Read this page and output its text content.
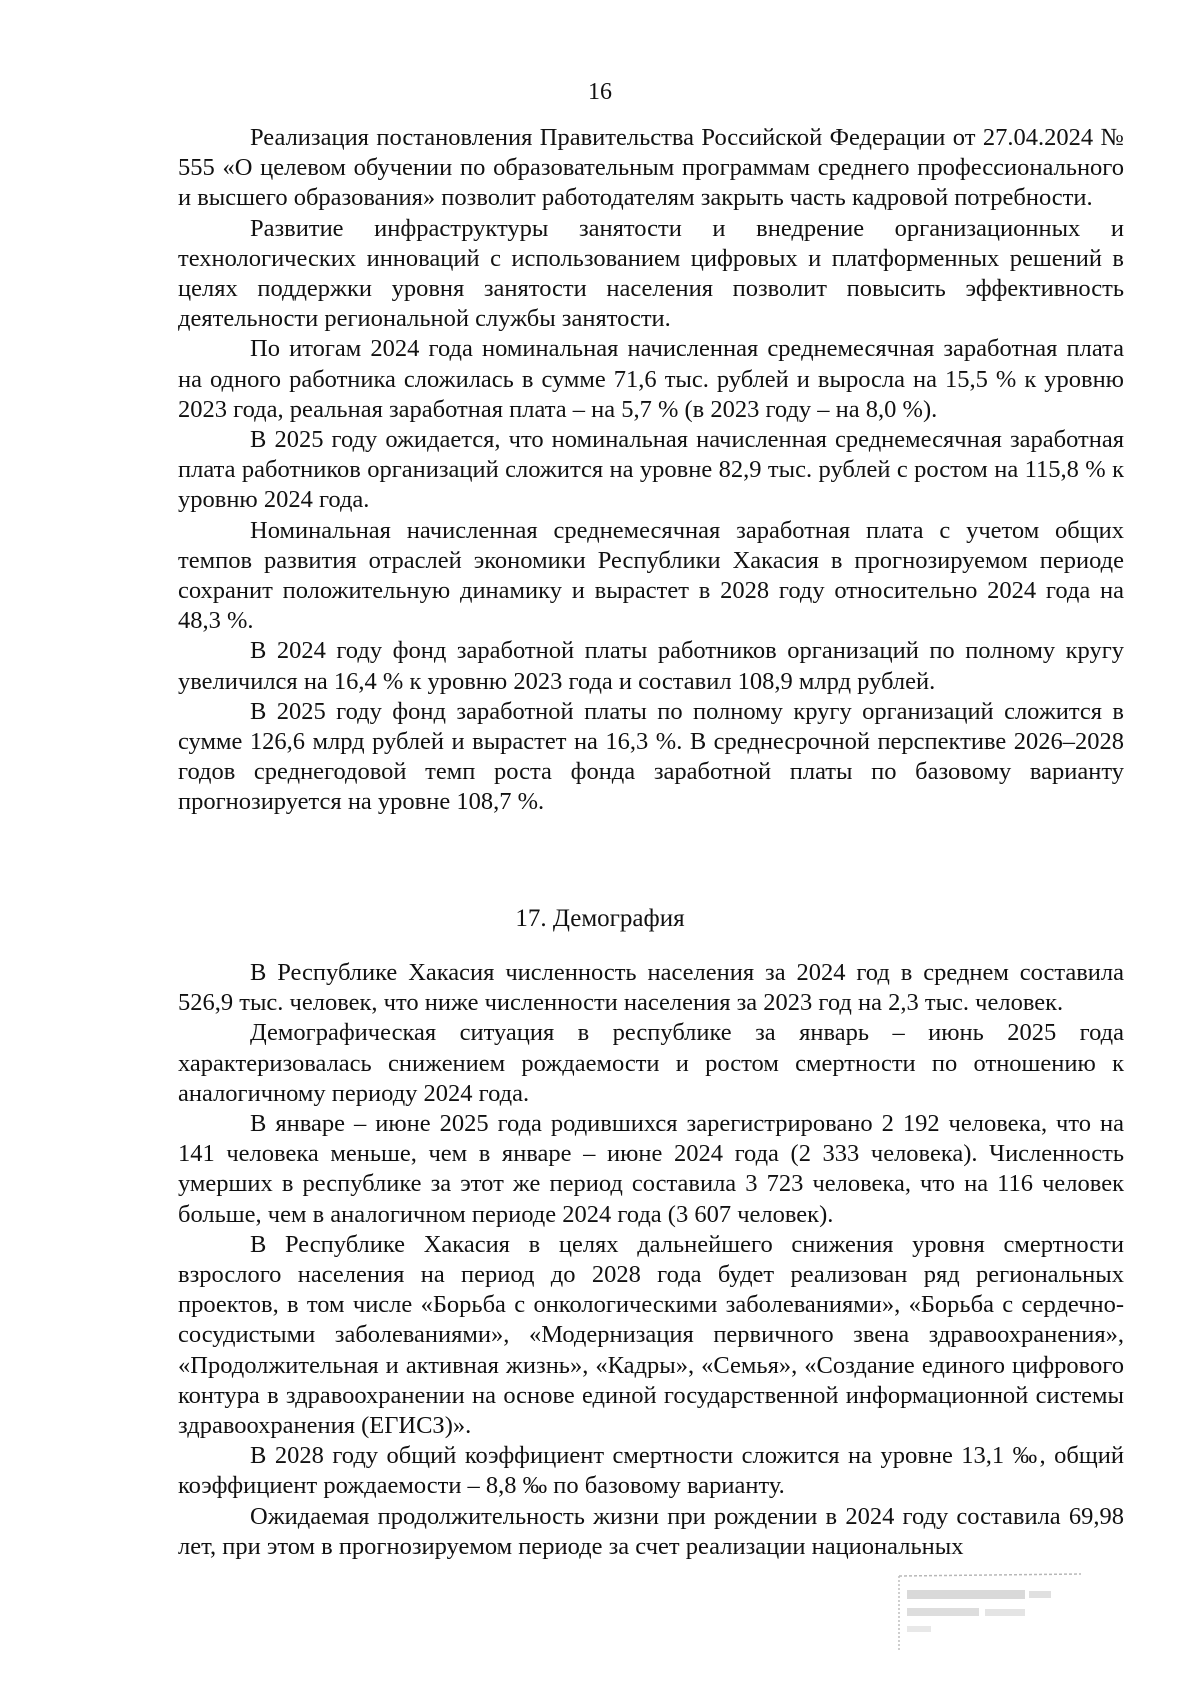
16

Реализация постановления Правительства Российской Федерации от 27.04.2024 № 555 «О целевом обучении по образовательным программам среднего профессионального и высшего образования» позволит работодателям закрыть часть кадровой потребности.

Развитие инфраструктуры занятости и внедрение организационных и технологических инноваций с использованием цифровых и платформенных решений в целях поддержки уровня занятости населения позволит повысить эффективность деятельности региональной службы занятости.

По итогам 2024 года номинальная начисленная среднемесячная заработная плата на одного работника сложилась в сумме 71,6 тыс. рублей и выросла на 15,5 % к уровню 2023 года, реальная заработная плата – на 5,7 % (в 2023 году – на 8,0 %).

В 2025 году ожидается, что номинальная начисленная среднемесячная заработная плата работников организаций сложится на уровне 82,9 тыс. рублей с ростом на 115,8 % к уровню 2024 года.

Номинальная начисленная среднемесячная заработная плата с учетом общих темпов развития отраслей экономики Республики Хакасия в прогнозируемом периоде сохранит положительную динамику и вырастет в 2028 году относительно 2024 года на 48,3 %.

В 2024 году фонд заработной платы работников организаций по полному кругу увеличился на 16,4 % к уровню 2023 года и составил 108,9 млрд рублей.

В 2025 году фонд заработной платы по полному кругу организаций сложится в сумме 126,6 млрд рублей и вырастет на 16,3 %. В среднесрочной перспективе 2026–2028 годов среднегодовой темп роста фонда заработной платы по базовому варианту прогнозируется на уровне 108,7 %.

17. Демография

В Республике Хакасия численность населения за 2024 год в среднем составила 526,9 тыс. человек, что ниже численности населения за 2023 год на 2,3 тыс. человек.

Демографическая ситуация в республике за январь – июнь 2025 года характеризовалась снижением рождаемости и ростом смертности по отношению к аналогичному периоду 2024 года.

В январе – июне 2025 года родившихся зарегистрировано 2 192 человека, что на 141 человека меньше, чем в январе – июне 2024 года (2 333 человека). Численность умерших в республике за этот же период составила 3 723 человека, что на 116 человек больше, чем в аналогичном периоде 2024 года (3 607 человек).

В Республике Хакасия в целях дальнейшего снижения уровня смертности взрослого населения на период до 2028 года будет реализован ряд региональных проектов, в том числе «Борьба с онкологическими заболеваниями», «Борьба с сердечно-сосудистыми заболеваниями», «Модернизация первичного звена здравоохранения», «Продолжительная и активная жизнь», «Кадры», «Семья», «Создание единого цифрового контура в здравоохранении на основе единой государственной информационной системы здравоохранения (ЕГИСЗ)».

В 2028 году общий коэффициент смертности сложится на уровне 13,1 ‰, общий коэффициент рождаемости – 8,8 ‰ по базовому варианту.

Ожидаемая продолжительность жизни при рождении в 2024 году составила 69,98 лет, при этом в прогнозируемом периоде за счет реализации национальных
